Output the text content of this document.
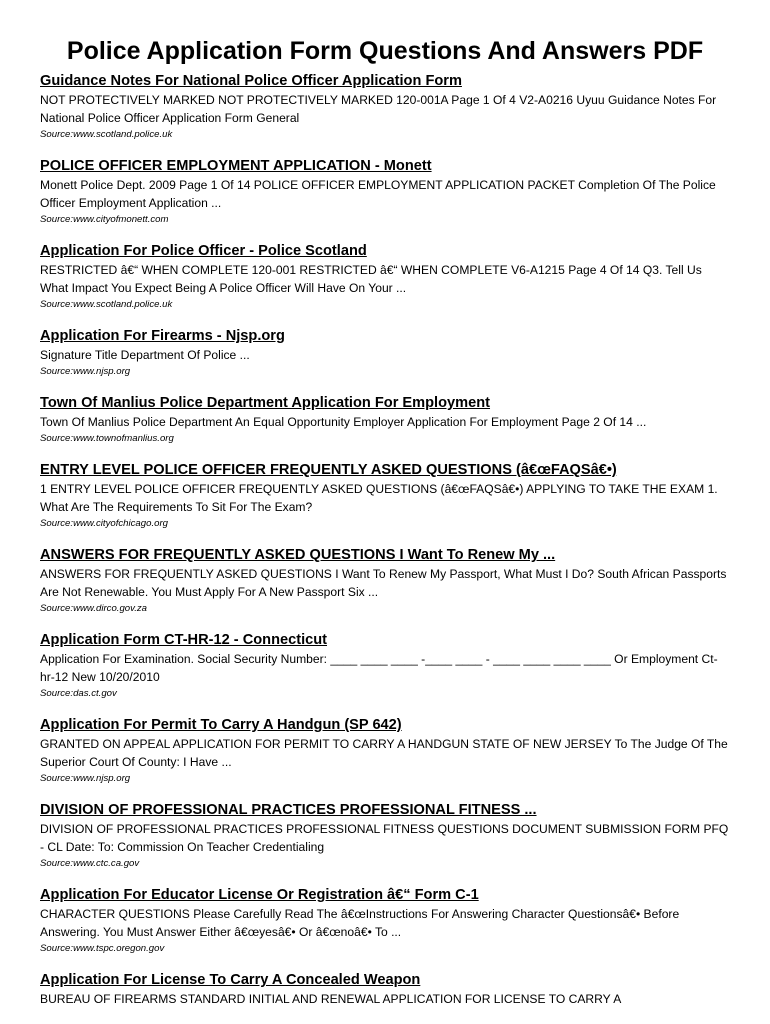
Police Application Form Questions And Answers PDF

Guidance Notes For National Police Officer Application Form

NOT PROTECTIVELY MARKED NOT PROTECTIVELY MARKED 120-001A Page 1 Of 4 V2-A0216 Uyuu Guidance Notes For National Police Officer Application Form General

Source:www.scotland.police.uk

POLICE OFFICER EMPLOYMENT APPLICATION - Monett

Monett Police Dept. 2009 Page 1 Of 14 POLICE OFFICER EMPLOYMENT APPLICATION PACKET Completion Of The Police Officer Employment Application ...

Source:www.cityofmonett.com

Application For Police Officer - Police Scotland

RESTRICTED â€“ WHEN COMPLETE 120-001 RESTRICTED â€“ WHEN COMPLETE V6-A1215 Page 4 Of 14 Q3. Tell Us What Impact You Expect Being A Police Officer Will Have On Your ...

Source:www.scotland.police.uk

Application For Firearms - Njsp.org

Signature Title Department Of Police ...

Source:www.njsp.org

Town Of Manlius Police Department Application For Employment

Town Of Manlius Police Department An Equal Opportunity Employer Application For Employment Page 2 Of 14 ...

Source:www.townofmanlius.org

ENTRY LEVEL POLICE OFFICER FREQUENTLY ASKED QUESTIONS (â€œFAQSâ€•)

1 ENTRY LEVEL POLICE OFFICER FREQUENTLY ASKED QUESTIONS (â€œFAQSâ€•) APPLYING TO TAKE THE EXAM 1. What Are The Requirements To Sit For The Exam?

Source:www.cityofchicago.org

ANSWERS FOR FREQUENTLY ASKED QUESTIONS I Want To Renew My ...

ANSWERS FOR FREQUENTLY ASKED QUESTIONS I Want To Renew My Passport, What Must I Do? South African Passports Are Not Renewable. You Must Apply For A New Passport Six ...

Source:www.dirco.gov.za

Application Form CT-HR-12 - Connecticut

Application For Examination. Social Security Number: ____ ____ ____ -____ ____ - ____ ____ ____ ____ Or Employment Ct-hr-12 New 10/20/2010

Source:das.ct.gov

Application For Permit To Carry A Handgun (SP 642)

GRANTED ON APPEAL APPLICATION FOR PERMIT TO CARRY A HANDGUN STATE OF NEW JERSEY To The Judge Of The Superior Court Of County: I Have ...

Source:www.njsp.org

DIVISION OF PROFESSIONAL PRACTICES PROFESSIONAL FITNESS ...

DIVISION OF PROFESSIONAL PRACTICES PROFESSIONAL FITNESS QUESTIONS DOCUMENT SUBMISSION FORM PFQ - CL Date: To: Commission On Teacher Credentialing

Source:www.ctc.ca.gov

Application For Educator License Or Registration â€“ Form C-1

CHARACTER QUESTIONS Please Carefully Read The â€œInstructions For Answering Character Questionsâ€• Before Answering. You Must Answer Either â€œyesâ€• Or â€œnoâ€• To ...

Source:www.tspc.oregon.gov

Application For License To Carry A Concealed Weapon

BUREAU OF FIREARMS STANDARD INITIAL AND RENEWAL APPLICATION FOR LICENSE TO CARRY A
